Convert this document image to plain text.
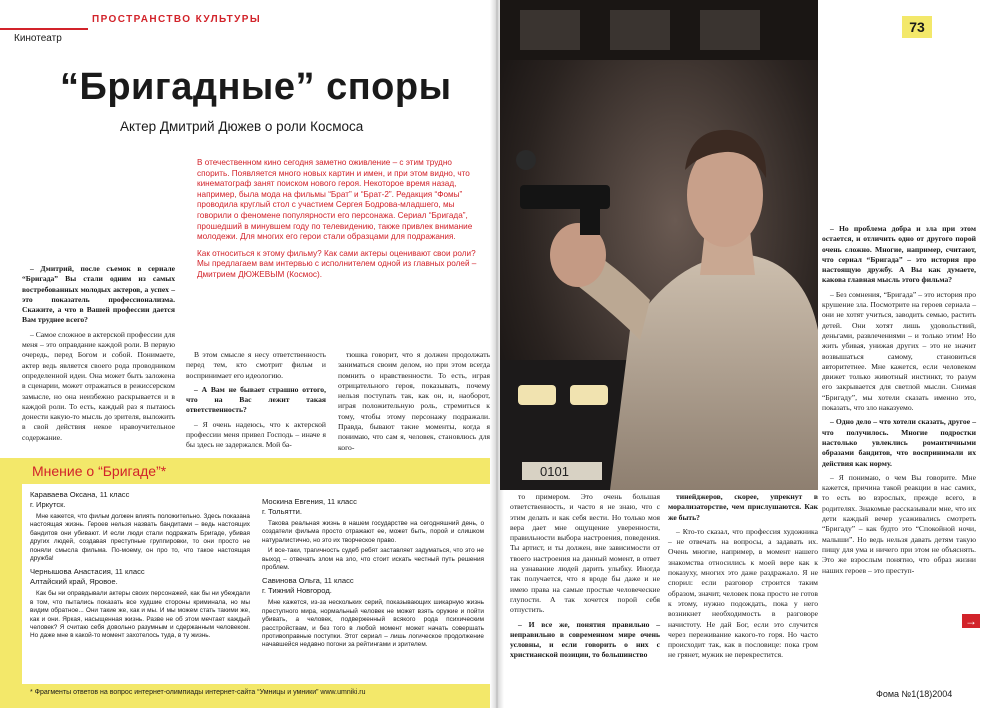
ПРОСТРАНСТВО КУЛЬТУРЫ
Кинотеатр
“Бригадные” споры
Актер Дмитрий Дюжев о роли Космоса
В отечественном кино сегодня заметно оживление – с этим трудно спорить. Появляется много новых картин и имен, и при этом видно, что кинематограф занят поиском нового героя. Некоторое время назад, например, была мода на фильмы “Брат” и “Брат-2”. Редакция “Фомы” проводила круглый стол с участием Сергея Бодрова-младшего, мы говорили о феномене популярности его персонажа. Сериал “Бригада”, прошедший в минувшем году по телевидению, также привлек внимание молодежи. Для многих его герои стали образцами для подражания.
Как относиться к этому фильму? Как сами актеры оценивают свои роли? Мы предлагаем вам интервью с исполнителем одной из главных ролей – Дмитрием ДЮЖЕВЫМ (Космос).

– Дмитрий, после съемок в сериале “Бригада” Вы стали одним из самых востребованных молодых актеров, а успех – это показатель профессионализма. Скажите, а что в Вашей профессии дается Вам труднее всего?

– Самое сложное в актерской профессии для меня – это оправдание каждой роли. В первую очередь, перед Богом и собой. Понимаете, актер ведь является своего рода проводником определенной идеи. Она может быть заложена в сценарии, может отражаться в режиссерском замысле, но она неизбежно раскрывается и в каждой роли. То есть, каждый раз я пытаюсь донести какую-то мысль до зрителя, выложить в свой действия некое нравоучительное содержание.

В этом смысле я несу ответственность перед тем, кто смотрит фильм и воспринимает его идеологию.

– А Вам не бывает страшно оттого, что на Вас лежит такая ответственность?

– Я очень надеюсь, что к актерской профессии меня привел Господь – иначе я бы здесь не задержался. Мой ба-

тюшка говорит, что я должен продолжать заниматься своим делом, но при этом всегда помнить о нравственности. То есть, играя отрицательного героя, показывать, почему нельзя поступать так, как он, и, наоборот, играя положительную роль, стремиться к тому, чтобы этому персонажу подражали. Правда, бывают такие моменты, когда я понимаю, что сам я, человек, становлюсь для кого-

Мнение о “Бригаде”*
Караваева Оксана, 11 класс
г. Иркутск.

Мне кажется, что фильм должен влиять положительно. Здесь показана настоящая жизнь. Героев нельзя назвать бандитами – ведь настоящих бандитов они убивают. И если люди стали подражать Бригаде, убивая других людей, создавая преступные группировки, то они просто не поняли смысла фильма. По-моему, он про то, что такое настоящая дружба!

Чернышова Анастасия, 11 класс
Алтайский край, Яровое.

Как бы ни оправдывали актеры своих персонажей, как бы ни убеждали в том, что пытались показать все худшие стороны криминала, но мы видим обратное... Они такие же, как и мы. И мы можем стать такими же, как и они. Яркая, насыщенная жизнь. Разве не об этом мечтает каждый человек? Я считаю себя довольно разумным и сдержанным человеком. Но даже мне в какой-то момент захотелось туда, в ту жизнь.

Москина Евгения, 11 класс
г. Тольятти.

Таковa реальная жизнь в нашем государстве на сегодняшний день, о создатели фильма просто отражают ее, может быть, порой и слишком натуралистично, но это их творческое право.

И все-таки, трагичность судеб ребят заставляет задуматься, что это не выход – отвечать злом на зло, что стоит искать честный путь решения проблем.

Савинова Ольга, 11 класс
г. Тижний Новгород.

Мне кажется, из-за нескольких серий, показывающих шикарную жизнь преступного мира, нормальный человек не может взять оружие и пойти убивать, а человек, подверженный всякого рода психическим расстройствам, и без того в любой момент может начать совершать противоправные поступки. Этот сериал – лишь логическое продолжение начавшейся недавно погони за рейтингами и зрителем.

* Фрагменты ответов на вопрос интернет-олимпиады интернет-сайта “Умницы и умники” www.umniki.ru
0101
73

– Но проблема добра и зла при этом остается, и отличить одно от другого порой очень сложно. Многие, например, считают, что сериал “Бригада” – это история про настоящую дружбу. А Вы как думаете, какова главная мысль этого фильма?

– Без сомнения, “Бригада” – это история про крушение зла. Посмотрите на героев сериала – они не хотят учиться, заводить семью, растить детей. Они хотят лишь удовольствий, деньгами, развлечениями – и только этим! Но жить убивая, унижая других – это не значит возвышаться самому, становиться авторитетнее. Мне кажется, если человеком движет только животный инстинкт, то разум его закрывается для светлой мысли. Снимая “Бригаду”, мы хотели сказать именно это, показать, что зло наказуемо.

– Одно дело – что хотели сказать, другое – что получилось. Многие подростки настолько увлеклись романтичными образами бандитов, что воспринимали их действия как норму.

– Я понимаю, о чем Вы говорите. Мне кажется, причина такой реакции в нас самих, то есть во взрослых, прежде всего, в родителях. Знакомые рассказывали мне, что их дети каждый вечер усаживались смотреть “Бригаду” – как будто это “Спокойной ночи, малыши”. Но ведь нельзя давать детям такую пищу для ума и ничего при этом не объяснять. Это же взрослым понятно, что образ жизни наших героев – это преступ-

→

тo примером. Это очень большая ответственность, и часто я не знаю, что с этим делать и как себя вести. Но только моя вера дает мне ощущение уверенности, правильности выбора настроения, поведения. Ты артист, и ты должен, вне зависимости от твоего настроения на данный момент, в ответ на узнавание людей дарить улыбку. Иногда так получается, что я вроде бы даже и не имею права на самые простые человеческие глупости. А так хочется порой себя отпустить.

– И все же, понятия правильно – неправильно в современном мире очень условны, и если говорить о них с христианской позиции, то большинство

тинейджеров, скорее, упрекнут в морализаторстве, чем прислушаются. Как же быть?

– Кто-то сказал, что профессия художника – не отвечать на вопросы, а задавать их. Очень многие, например, в момент нашего знакомства относились к моей вере как к показуху, многих это даже раздражало. Я не спорил: если разговор строится таким образом, значит, человек пока просто не готов к этому, нужно подождать, пока у него возникнет необходимость в разговоре начистоту. Не дай Бог, если это случится через переживание какого-то горя. Но часто происходит так, как в пословице: пока гром не грянет, мужик не перекрестится.

Фома №1(18)2004
